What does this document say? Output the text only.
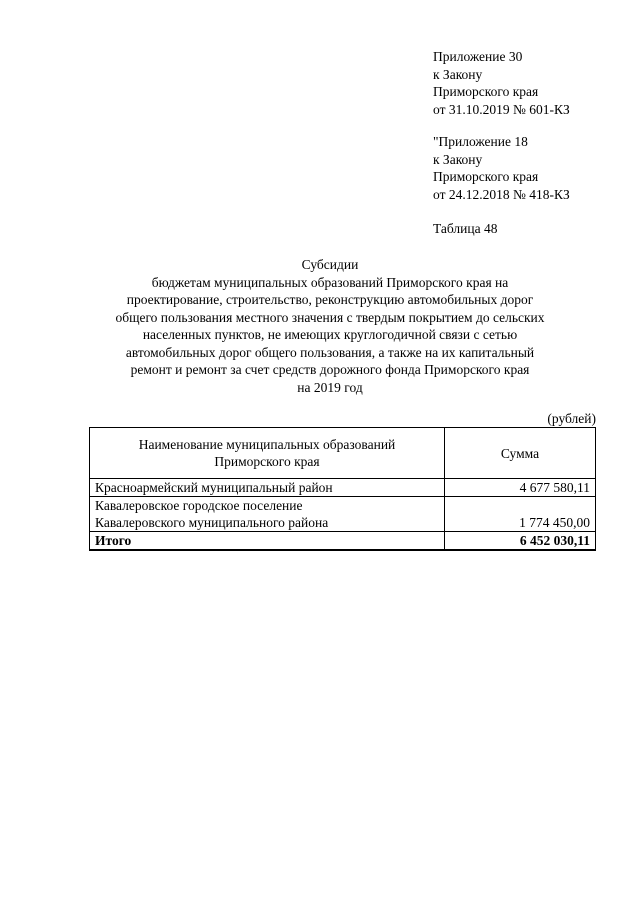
Приложение 30
к Закону
Приморского края
от 31.10.2019 № 601-КЗ
"Приложение 18
к Закону
Приморского края
от 24.12.2018 № 418-КЗ
Таблица 48
Субсидии
бюджетам муниципальных образований Приморского края на
проектирование, строительство, реконструкцию автомобильных дорог
общего пользования местного значения с твердым покрытием до сельских
населенных пунктов, не имеющих круглогодичной связи с сетью
автомобильных дорог общего пользования, а также на их капитальный
ремонт и ремонт за счет средств дорожного фонда Приморского края
на 2019 год
(рублей)
Наименование муниципальных образований
Приморского края	Сумма

Красноармейский муниципальный район	4 677 580,11

Кавалеровское городское поселение
Кавалеровского муниципального района	1 774 450,00
Итого	6 452 030,11
